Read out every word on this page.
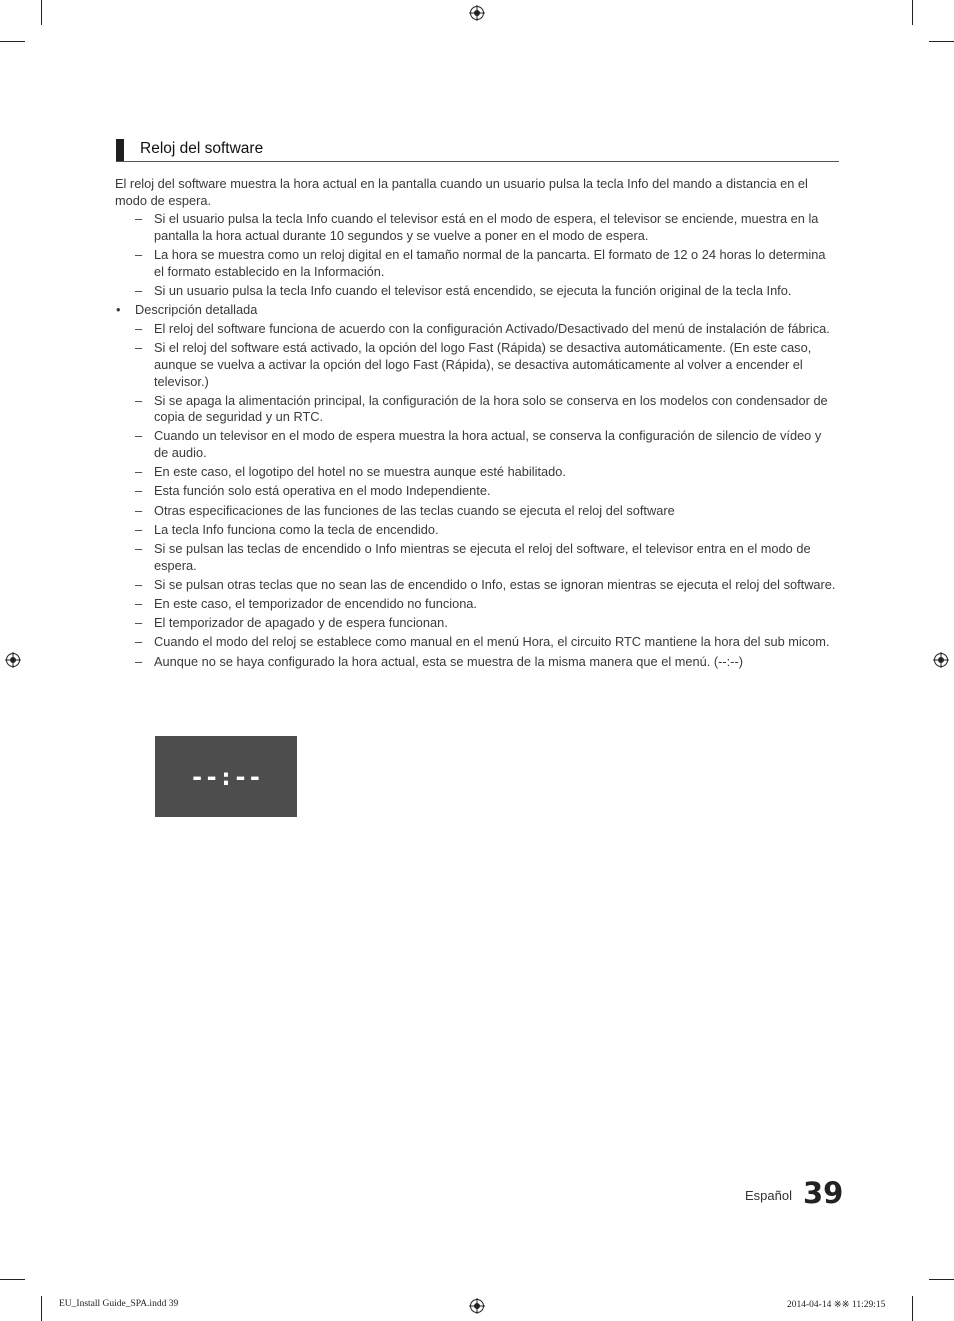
Reloj del software

El reloj del software muestra la hora actual en la pantalla cuando un usuario pulsa la tecla Info del mando a distancia en el modo de espera.

– Si el usuario pulsa la tecla Info cuando el televisor está en el modo de espera, el televisor se enciende, muestra en la pantalla la hora actual durante 10 segundos y se vuelve a poner en el modo de espera.
– La hora se muestra como un reloj digital en el tamaño normal de la pancarta. El formato de 12 o 24 horas lo determina el formato establecido en la Información.
– Si un usuario pulsa la tecla Info cuando el televisor está encendido, se ejecuta la función original de la tecla Info.
• Descripción detallada
– El reloj del software funciona de acuerdo con la configuración Activado/Desactivado del menú de instalación de fábrica.
– Si el reloj del software está activado, la opción del logo Fast (Rápida) se desactiva automáticamente. (En este caso, aunque se vuelva a activar la opción del logo Fast (Rápida), se desactiva automáticamente al volver a encender el televisor.)
– Si se apaga la alimentación principal, la configuración de la hora solo se conserva en los modelos con condensador de copia de seguridad y un RTC.
– Cuando un televisor en el modo de espera muestra la hora actual, se conserva la configuración de silencio de vídeo y de audio.
– En este caso, el logotipo del hotel no se muestra aunque esté habilitado.
– Esta función solo está operativa en el modo Independiente.
– Otras especificaciones de las funciones de las teclas cuando se ejecuta el reloj del software
– La tecla Info funciona como la tecla de encendido.
– Si se pulsan las teclas de encendido o Info mientras se ejecuta el reloj del software, el televisor entra en el modo de espera.
– Si se pulsan otras teclas que no sean las de encendido o Info, estas se ignoran mientras se ejecuta el reloj del software.
– En este caso, el temporizador de encendido no funciona.
– El temporizador de apagado y de espera funcionan.
– Cuando el modo del reloj se establece como manual en el menú Hora, el circuito RTC mantiene la hora del sub micom.
– Aunque no se haya configurado la hora actual, esta se muestra de la misma manera que el menú. (--:--)
--:--
Español 39
EU_Install Guide_SPA.indd 39	2014-04-14 ※※ 11:29:15
